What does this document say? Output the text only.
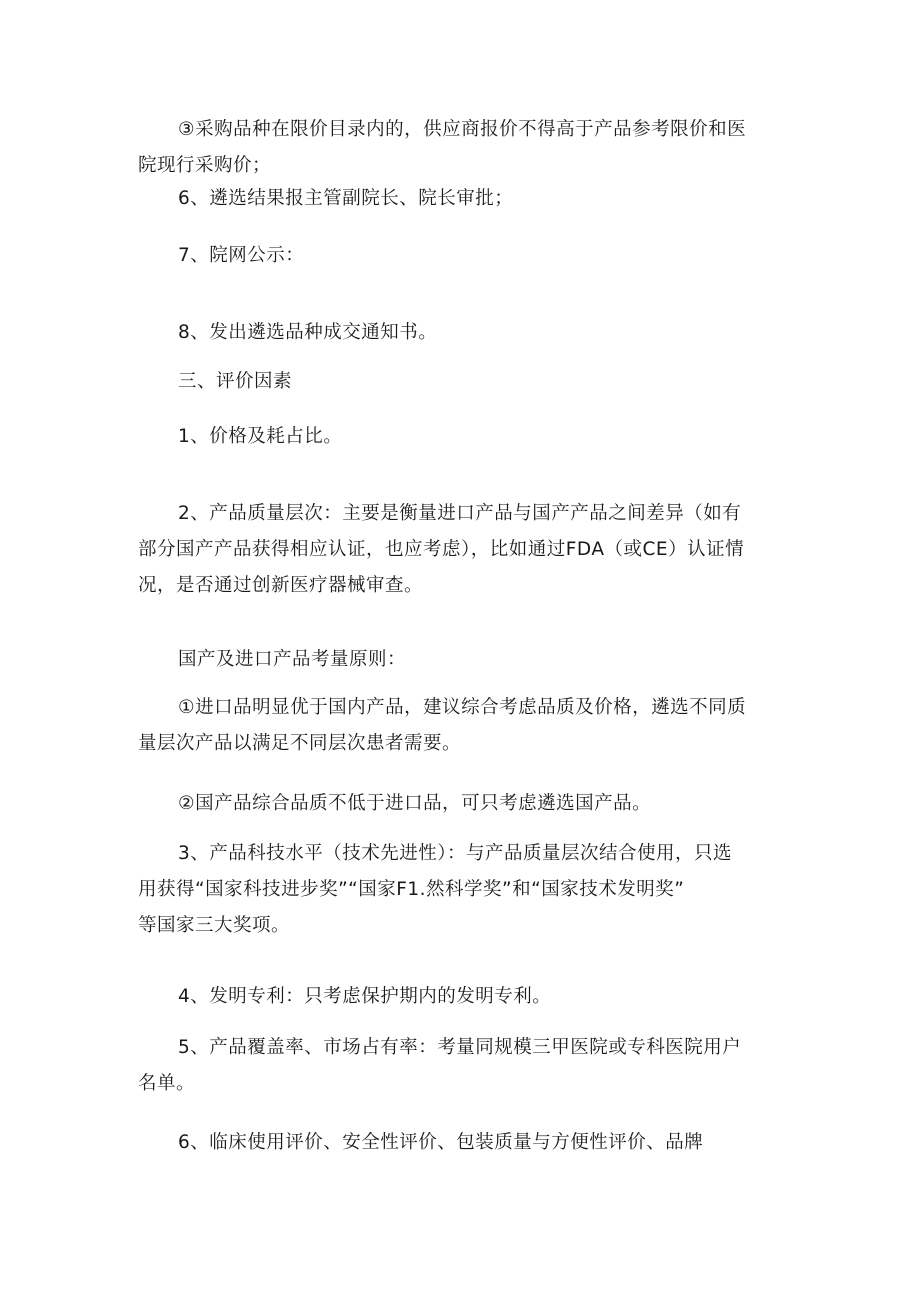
③采购品种在限价目录内的，供应商报价不得高于产品参考限价和医
院现行采购价；

6、遴选结果报主管副院长、院长审批；

7、院网公示：

8、发出遴选品种成交通知书。

三、评价因素

1、价格及耗占比。

2、产品质量层次：主要是衡量进口产品与国产产品之间差异（如有
部分国产产品获得相应认证，也应考虑），比如通过FDA（或CE）认证情
况，是否通过创新医疗器械审查。

国产及进口产品考量原则：

①进口品明显优于国内产品，建议综合考虑品质及价格，遴选不同质
量层次产品以满足不同层次患者需要。

②国产品综合品质不低于进口品，可只考虑遴选国产品。

3、产品科技水平（技术先进性）：与产品质量层次结合使用，只选
用获得“国家科技进步奖”“国家F1.然科学奖”和“国家技术发明奖”
等国家三大奖项。

4、发明专利：只考虑保护期内的发明专利。

5、产品覆盖率、市场占有率：考量同规模三甲医院或专科医院用户
名单。

6、临床使用评价、安全性评价、包装质量与方便性评价、品牌
